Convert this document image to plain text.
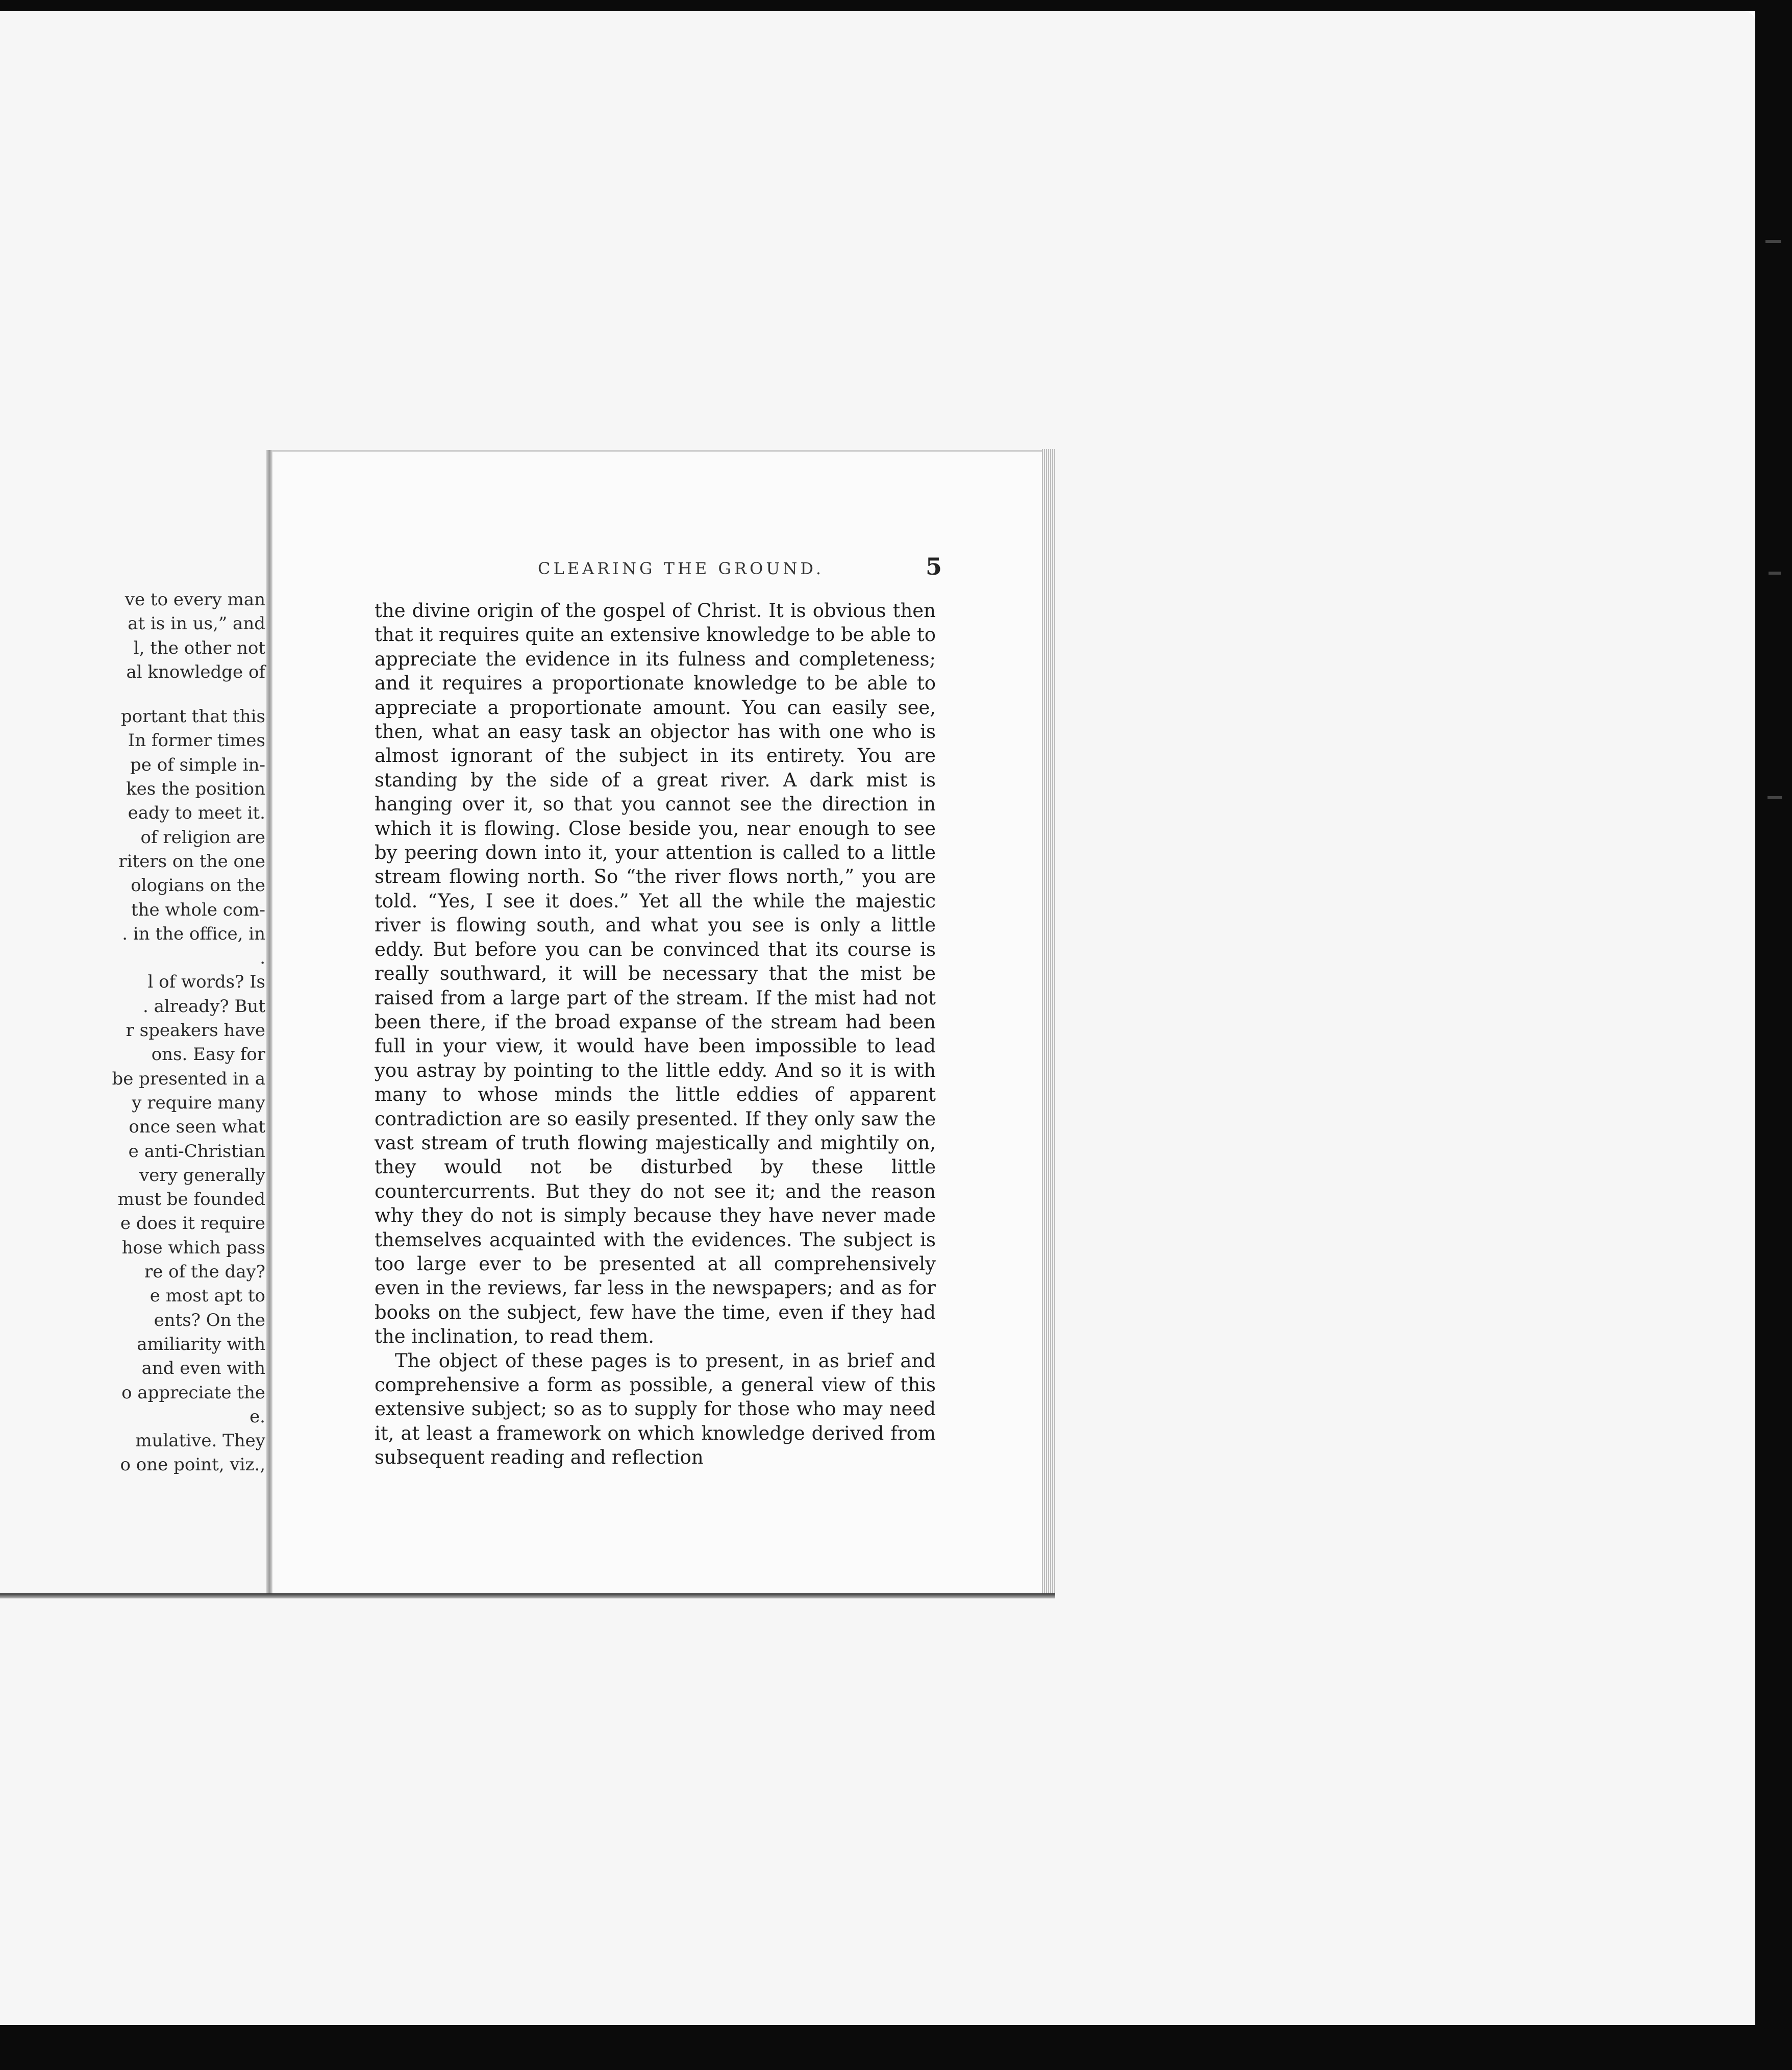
ve to every man
at is in us,” and
l, the other not
al knowledge of
portant that this
In former times
pe of simple in-
kes the position
eady to meet it.
of religion are
riters on the one
ologians on the
the whole com-
. in the office, in
.
l of words? Is
. already? But
r speakers have
ons. Easy for
be presented in a
y require many
once seen what
e anti-Christian
very generally
must be founded
e does it require
hose which pass
re of the day?
e most apt to
ents? On the
amiliarity with
and even with
o appreciate the
e.
mulative. They
o one point, viz.,
CLEARING THE GROUND.	5

the divine origin of the gospel of Christ. It is obvious then that it requires quite an extensive knowledge to be able to appreciate the evidence in its fulness and completeness; and it requires a proportionate knowledge to be able to appreciate a proportionate amount. You can easily see, then, what an easy task an objector has with one who is almost ignorant of the subject in its entirety. You are standing by the side of a great river. A dark mist is hanging over it, so that you cannot see the direction in which it is flowing. Close beside you, near enough to see by peering down into it, your attention is called to a little stream flowing north. So “the river flows north,” you are told. “Yes, I see it does.” Yet all the while the majestic river is flowing south, and what you see is only a little eddy. But before you can be convinced that its course is really southward, it will be necessary that the mist be raised from a large part of the stream. If the mist had not been there, if the broad expanse of the stream had been full in your view, it would have been impossible to lead you astray by pointing to the little eddy. And so it is with many to whose minds the little eddies of apparent contradiction are so easily presented. If they only saw the vast stream of truth flowing majestically and mightily on, they would not be disturbed by these little countercurrents. But they do not see it; and the reason why they do not is simply because they have never made themselves acquainted with the evidences. The subject is too large ever to be presented at all comprehensively even in the reviews, far less in the newspapers; and as for books on the subject, few have the time, even if they had the inclination, to read them.

The object of these pages is to present, in as brief and comprehensive a form as possible, a general view of this extensive subject; so as to supply for those who may need it, at least a framework on which knowledge derived from subsequent reading and reflection
